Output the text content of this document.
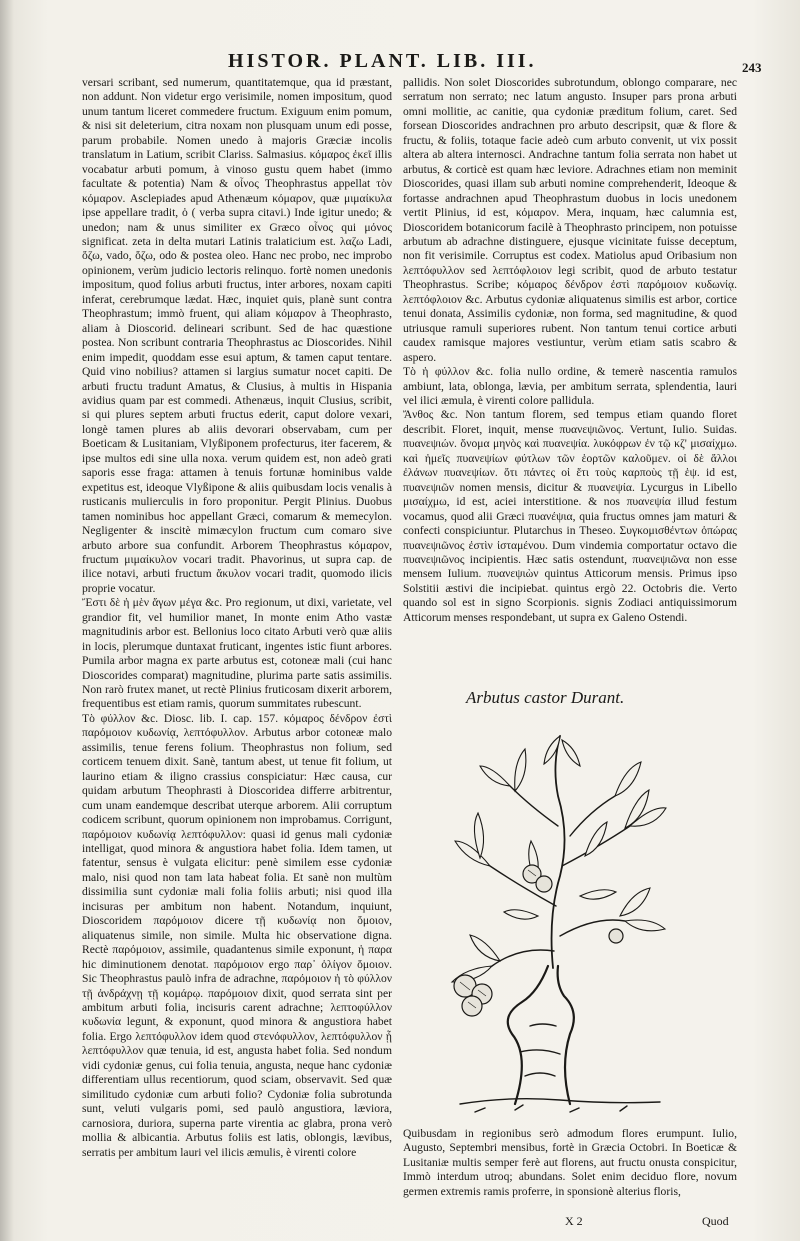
HISTOR. PLANT. LIB. III.	243

versari scribant, sed numerum, quantitatemque, qua id præstant, non addunt. Non videtur ergo verisimile, nomen impositum, quod unum tantum liceret commedere fructum. Exiguum enim pomum, & nisi sit deleterium, citra noxam non plusquam unum edi posse, parum probabile. Nomen unedo à majoris Græciæ incolis translatum in Latium, scribit Clariss. Salmasius. κόμαρος ἐκεῖ illis vocabatur arbuti pomum, à vinoso gustu quem habet (immo facultate & potentia) Nam & οἶνος Theophrastus appellat τὸν κόμαρον. Asclepiades apud Athenæum κόμαρον, quæ μιμαίκυλα ipse appellare tradit, ὁ ( verba supra citavi.) Inde igitur unedo; & unedon; nam & unus similiter ex Græco οἶνος qui μόνος significat. zeta in delta mutari Latinis tralaticium est. λαζω Ladi, ὄζω, vado, ὄζω, odo & postea oleo. Hanc nec probo, nec improbo opinionem, verùm judicio lectoris relinquo. fortè nomen unedonis impositum, quod folius arbuti fructus, inter arbores, noxam capiti inferat, cerebrumque lædat. Hæc, inquiet quis, planè sunt contra Theophrastum; immò fruent, qui aliam κόμαρον à Theophrasto, aliam à Dioscorid. delineari scribunt. Sed de hac quæstione postea. Non scribunt contraria Theophrastus ac Dioscorides. Nihil enim impedit, quoddam esse esui aptum, & tamen caput tentare. Quid vino nobilius? attamen si largius sumatur nocet capiti. De arbuti fructu tradunt Amatus, & Clusius, à multis in Hispania avidius quam par est commedi. Athenæus, inquit Clusius, scribit, si qui plures septem arbuti fructus ederit, caput dolore vexari, longè tamen plures ab aliis devorari observabam, cum per Boeticam & Lusitaniam, Vlyßiponem profecturus, iter facerem, & ipse multos edi sine ulla noxa. verum quidem est, non adeò grati saporis esse fraga: attamen à tenuis fortunæ hominibus valde expetitus est, ideoque Vlyßipone & aliis quibusdam locis venalis à rusticanis mulierculis in foro proponitur. Pergit Plinius. Duobus tamen nominibus hoc appellant Græci, comarum & memecylon. Negligenter & inscitè mimæcylon fructum cum comaro sive arbuto arbore sua confundit. Arborem Theophrastus κόμαρον, fructum μιμαίκυλον vocari tradit. Phavorinus, ut supra cap. de ilice notavi, arbuti fructum ἄκυλον vocari tradit, quomodo ilicis proprie vocatur.

Ἔστι δὲ ἡ μὲν ἄγων μέγα &c. Pro regionum, ut dixi, varietate, vel grandior fit, vel humilior manet, In monte enim Atho vastæ magnitudinis arbor est. Bellonius loco citato Arbuti verò quæ aliis in locis, plerumque duntaxat fruticant, ingentes istic fiunt arbores. Pumila arbor magna ex parte arbutus est, cotoneæ mali (cui hanc Dioscorides comparat) magnitudine, plurima parte satis assimilis. Non rarò frutex manet, ut rectè Plinius fruticosam dixerit arborem, frequentibus est etiam ramis, quorum summitates rubescunt.

Τὸ φύλλον &c. Diosc. lib. I. cap. 157. κόμαρος δένδρον ἐστὶ παρόμοιον κυδωνίᾳ, λεπτόφυλλον. Arbutus arbor cotoneæ malo assimilis, tenue ferens folium. Theophrastus non folium, sed corticem tenuem dixit. Sanè, tantum abest, ut tenue fit folium, ut laurino etiam & iligno crassius conspiciatur: Hæc causa, cur quidam arbutum Theophrasti à Dioscoridea differre arbitrentur, cum unam eandemque describat uterque arborem. Alii corruptum codicem scribunt, quorum opinionem non improbamus. Corrigunt, παρόμοιον κυδωνίᾳ λεπτόφυλλον: quasi id genus mali cydoniæ intelligat, quod minora & angustiora habet folia. Idem tamen, ut fatentur, sensus è vulgata elicitur: penè similem esse cydoniæ malo, nisi quod non tam lata habeat folia. Et sanè non multùm dissimilia sunt cydoniæ mali folia foliis arbuti; nisi quod illa incisuras per ambitum non habent. Notandum, inquiunt, Dioscoridem παρόμοιον dicere τῇ κυδωνίᾳ non ὅμοιον, aliquatenus simile, non simile. Multa hic observatione digna. Rectè παρόμοιον, assimile, quadantenus simile exponunt, ἡ παρα hic diminutionem denotat. παρόμοιον ergo παρ᾽ ὀλίγον ὅμοιον. Sic Theophrastus paulò infra de adrachne, παρόμοιον ἡ τὸ φύλλον τῇ ἀνδράχνῃ τῇ κομάρῳ. παρόμοιον dixit, quod serrata sint per ambitum arbuti folia, incisuris carent adrachne; λεπτοφύλλον κυδωνία legunt, & exponunt, quod minora & angustiora habet folia. Ergo λεπτόφυλλον idem quod στενόφυλλον, λεπτόφυλλον ᾗ λεπτόφυλλον quæ tenuia, id est, angusta habet folia. Sed nondum vidi cydoniæ genus, cui folia tenuia, angusta, neque hanc cydoniæ differentiam ullus recentiorum, quod sciam, observavit. Sed quæ similitudo cydoniæ cum arbuti folio? Cydoniæ folia subrotunda sunt, veluti vulgaris pomi, sed paulò angustiora, læviora, carnosiora, duriora, superna parte virentia ac glabra, prona verò mollia & albicantia. Arbutus foliis est latis, oblongis, lævibus, serratis per ambitum lauri vel ilicis æmulis, è virenti colore

pallidis. Non solet Dioscorides subrotundum, oblongo comparare, nec serratum non serrato; nec latum angusto. Insuper pars prona arbuti omni mollitie, ac canitie, qua cydoniæ præditum folium, caret. Sed forsean Dioscorides andrachnen pro arbuto descripsit, quæ & flore & fructu, & foliis, totaque facie adeò cum arbuto convenit, ut vix possit altera ab altera internosci. Andrachne tantum folia serrata non habet ut arbutus, & corticè est quam hæc leviore. Adrachnes etiam non meminit Dioscorides, quasi illam sub arbuti nomine comprehenderit, Ideoque & fortasse andrachnen apud Theophrastum duobus in locis unedonem vertit Plinius, id est, κόμαρον. Mera, inquam, hæc calumnia est, Dioscoridem botanicorum facilè à Theophrasto principem, non potuisse arbutum ab adrachne distinguere, ejusque vicinitate fuisse deceptum, non fit verisimile. Corruptus est codex. Matiolus apud Oribasium non λεπτόφυλλον sed λεπτόφλοιον legi scribit, quod de arbuto testatur Theophrastus. Scribe; κόμαρος δένδρον ἐστὶ παρόμοιον κυδωνίᾳ. λεπτόφλοιον &c. Arbutus cydoniæ aliquatenus similis est arbor, cortice tenui donata, Assimilis cydoniæ, non forma, sed magnitudine, & quod utriusque ramuli superiores rubent. Non tantum tenui cortice arbuti caudex ramisque majores vestiuntur, verùm etiam satis scabro & aspero.

Τὸ ἡ φύλλον &c. folia nullo ordine, & temerè nascentia ramulos ambiunt, lata, oblonga, lævia, per ambitum serrata, splendentia, lauri vel ilici æmula, è virenti colore pallidula.

Ἄνθος &c. Non tantum florem, sed tempus etiam quando floret describit. Floret, inquit, mense πυανεψιῶνος. Vertunt, Iulio. Suidas. πυανεψιών. ὄνομα μηνὸς καὶ πυανεψία. λυκόφρων ἐν τῷ κζ' μισαίχμω. καὶ ἡμεῖς πυανεψίων φύτλων τῶν ἑορτῶν καλοῦμεν. οἱ δὲ ἄλλοι ἐλάνων πυανεψίων. ὅτι πάντες οἱ ἔτι τοὺς καρποὺς τῇ ἑψ. id est, πυανεψιῶν nomen mensis, dicitur & πυανεψία. Lycurgus in Libello μισαίχμω, id est, aciei interstitione. & nos πυανεψία illud festum vocamus, quod alii Græci πυανέψια, quia fructus omnes jam maturi & confecti conspiciuntur. Plutarchus in Theseo. Συγκομισθέντων ὀπώρας πυανεψιῶνος ἐστὶν ἰσταμένου. Dum vindemia comportatur octavo die πυανεψιῶνος incipientis. Hæc satis ostendunt, πυανεψιῶνα non esse mensem Iulium. πυανεψιὼν quintus Atticorum mensis. Primus ipso Solstitii æstivi die incipiebat. quintus ergò 22. Octobris die. Verto quando sol est in signo Scorpionis. signis Zodiaci antiquissimorum Atticorum menses respondebant, ut supra ex Galeno Ostendi.

Arbutus castor Durant.
Quibusdam in regionibus serò admodum flores erumpunt. Iulio, Augusto, Septembri mensibus, fortè in Græcia Octobri. In Boeticæ & Lusitaniæ multis semper ferè aut florens, aut fructu onusta conspicitur, Immò interdum utroq; abundans. Solet enim deciduo flore, novum germen extremis ramis proferre, in sponsionè alterius floris,
X 2	Quod
